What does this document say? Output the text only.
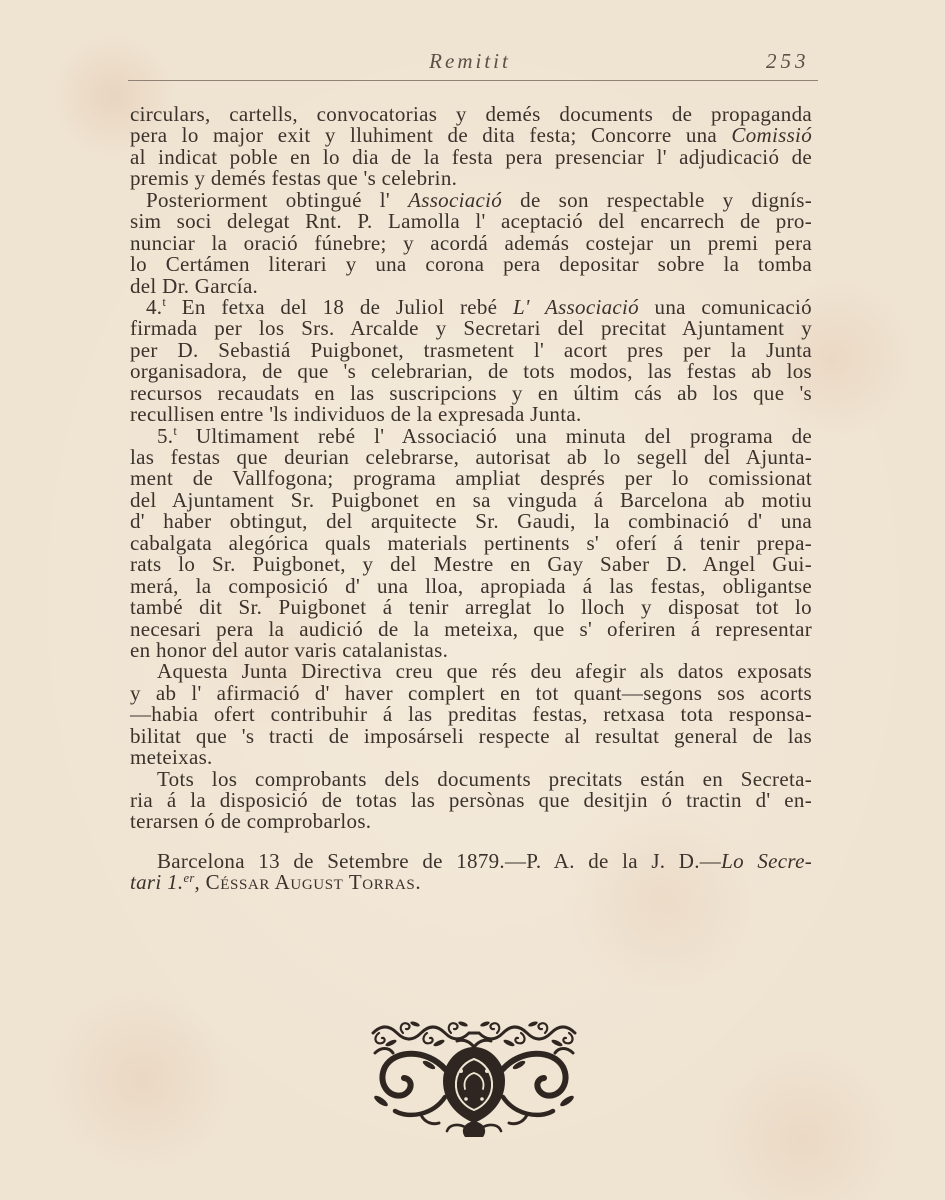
Remitit	253
circulars, cartells, convocatorias y demés documents de propaganda
pera lo major exit y lluhiment de dita festa; Concorre una Comissió
al indicat poble en lo dia de la festa pera presenciar l' adjudicació de
premis y demés festas que 's celebrin.
Posteriorment obtingué l' Associació de son respectable y dignís-
sim soci delegat Rnt. P. Lamolla l' aceptació del encarrech de pro-
nunciar la oració fúnebre; y acordá además costejar un premi pera
lo Certámen literari y una corona pera depositar sobre la tomba
del Dr. García.
4.$^t$ En fetxa del 18 de Juliol rebé L' Associació una comunicació
firmada per los Srs. Arcalde y Secretari del precitat Ajuntament y
per D. Sebastiá Puigbonet, trasmetent l' acort pres per la Junta
organisadora, de que 's celebrarian, de tots modos, las festas ab los
recursos recaudats en las suscripcions y en últim cás ab los que 's
recullisen entre 'ls individuos de la expresada Junta.
5.$^t$ Ultimament rebé l' Associació una minuta del programa de
las festas que deurian celebrarse, autorisat ab lo segell del Ajunta-
ment de Vallfogona; programa ampliat després per lo comissionat
del Ajuntament Sr. Puigbonet en sa vinguda á Barcelona ab motiu
d' haber obtingut, del arquitecte Sr. Gaudi, la combinació d' una
cabalgata alegórica quals materials pertinents s' oferí á tenir prepa-
rats lo Sr. Puigbonet, y del Mestre en Gay Saber D. Angel Gui-
merá, la composició d' una lloa, apropiada á las festas, obligantse
també dit Sr. Puigbonet á tenir arreglat lo lloch y disposat tot lo
necesari pera la audició de la meteixa, que s' oferiren á representar
en honor del autor varis catalanistas.
Aquesta Junta Directiva creu que rés deu afegir als datos exposats
y ab l' afirmació d' haver complert en tot quant—segons sos acorts
—habia ofert contribuhir á las preditas festas, retxasa tota responsa-
bilitat que 's tracti de imposárseli respecte al resultat general de las
meteixas.
Tots los comprobants dels documents precitats están en Secreta-
ria á la disposició de totas las persònas que desitjin ó tractin d' en-
terarsen ó de comprobarlos.
Barcelona 13 de Setembre de 1879.—P. A. de la J. D.—Lo Secre-
tari 1.$^{er}$, Céssar August Torras.
